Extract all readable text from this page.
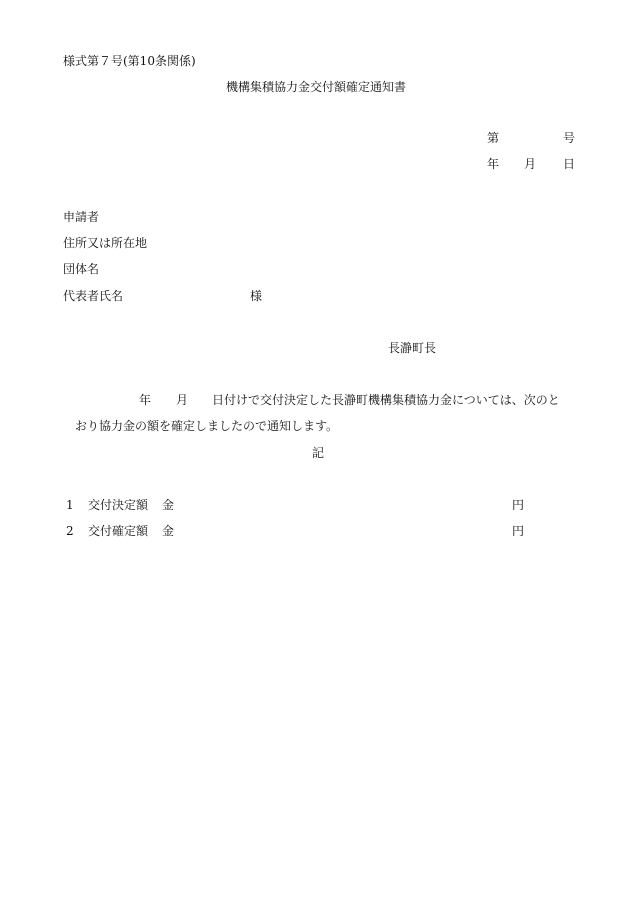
様式第７号(第10条関係)
機構集積協力金交付額確定通知書
第	号
年 月 日
申請者
住所又は所在地
団体名
代表者氏名	様
長瀞町長
年 月 日付けで交付決定した長瀞町機構集積協力金については、次のと
おり協力金の額を確定しましたので通知します。
記
1 交付決定額 金	円
2 交付確定額 金	円
